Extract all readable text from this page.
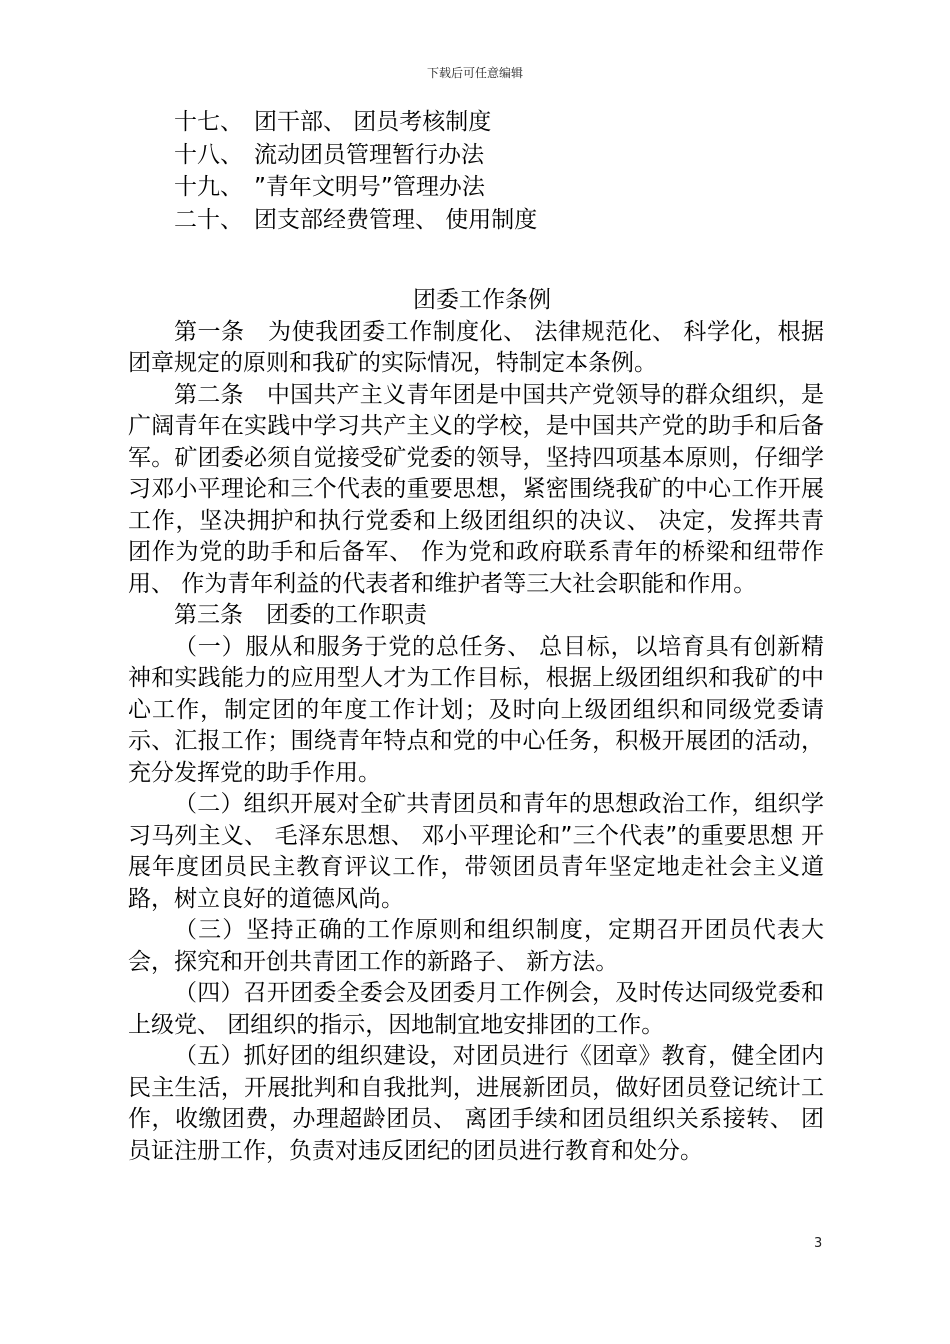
下载后可任意编辑
十七、 团干部、 团员考核制度
十八、 流动团员管理暂行办法
十九、 ”青年文明号”管理办法
二十、 团支部经费管理、 使用制度
团委工作条例

第一条　为使我团委工作制度化、 法律规范化、 科学化，根据团章规定的原则和我矿的实际情况，特制定本条例。

第二条　中国共产主义青年团是中国共产党领导的群众组织，是广阔青年在实践中学习共产主义的学校，是中国共产党的助手和后备军。矿团委必须自觉接受矿党委的领导，坚持四项基本原则，仔细学习邓小平理论和三个代表的重要思想，紧密围绕我矿的中心工作开展工作，坚决拥护和执行党委和上级团组织的决议、 决定，发挥共青团作为党的助手和后备军、 作为党和政府联系青年的桥梁和纽带作用、 作为青年利益的代表者和维护者等三大社会职能和作用。

第三条　团委的工作职责

（一）服从和服务于党的总任务、 总目标，以培育具有创新精神和实践能力的应用型人才为工作目标，根据上级团组织和我矿的中心工作，制定团的年度工作计划；及时向上级团组织和同级党委请示、汇报工作；围绕青年特点和党的中心任务，积极开展团的活动，充分发挥党的助手作用。

（二）组织开展对全矿共青团员和青年的思想政治工作，组织学习马列主义、 毛泽东思想、 邓小平理论和”三个代表”的重要思想 开展年度团员民主教育评议工作，带领团员青年坚定地走社会主义道路，树立良好的道德风尚。

（三）坚持正确的工作原则和组织制度，定期召开团员代表大会，探究和开创共青团工作的新路子、 新方法。

（四）召开团委全委会及团委月工作例会，及时传达同级党委和上级党、 团组织的指示，因地制宜地安排团的工作。

（五）抓好团的组织建设，对团员进行《团章》教育，健全团内民主生活，开展批判和自我批判，进展新团员，做好团员登记统计工作，收缴团费，办理超龄团员、 离团手续和团员组织关系接转、 团员证注册工作，负责对违反团纪的团员进行教育和处分。

3
